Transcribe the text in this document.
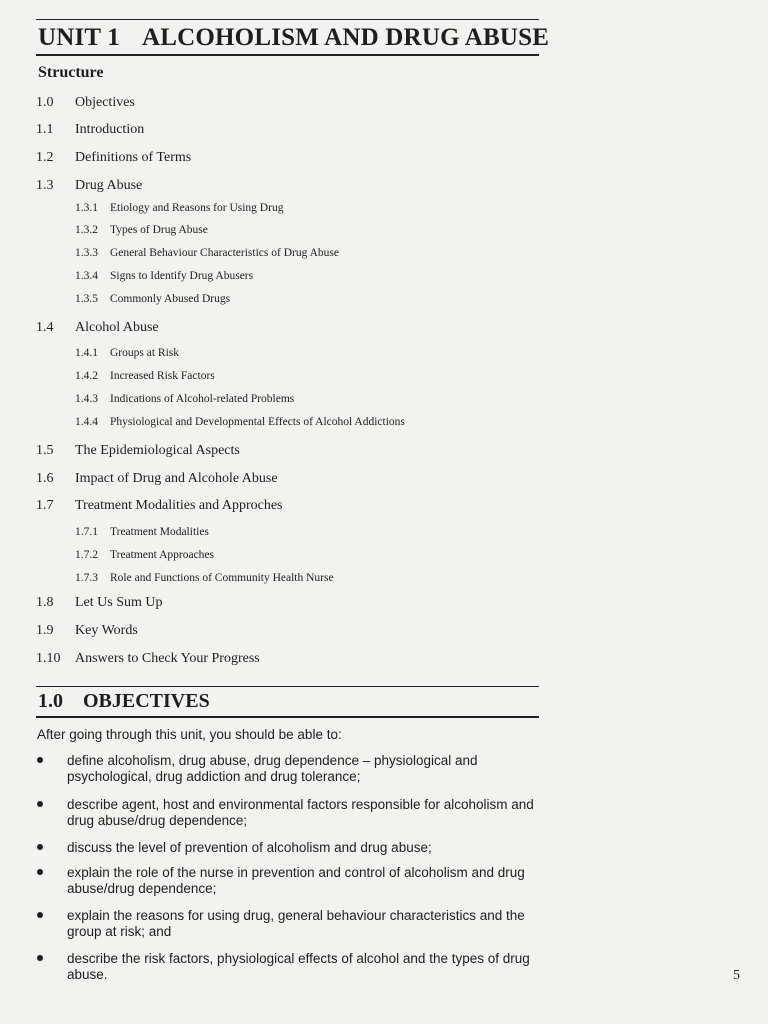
UNIT 1 ALCOHOLISM AND DRUG ABUSE
Structure
1.0 Objectives
1.1 Introduction
1.2 Definitions of Terms
1.3 Drug Abuse
1.3.1 Etiology and Reasons for Using Drug
1.3.2 Types of Drug Abuse
1.3.3 General Behaviour Characteristics of Drug Abuse
1.3.4 Signs to Identify Drug Abusers
1.3.5 Commonly Abused Drugs
1.4 Alcohol Abuse
1.4.1 Groups at Risk
1.4.2 Increased Risk Factors
1.4.3 Indications of Alcohol-related Problems
1.4.4 Physiological and Developmental Effects of Alcohol Addictions
1.5 The Epidemiological Aspects
1.6 Impact of Drug and Alcohole Abuse
1.7 Treatment Modalities and Approches
1.7.1 Treatment Modalities
1.7.2 Treatment Approaches
1.7.3 Role and Functions of Community Health Nurse
1.8 Let Us Sum Up
1.9 Key Words
1.10 Answers to Check Your Progress
1.0 OBJECTIVES

After going through this unit, you should be able to:

define alcoholism, drug abuse, drug dependence – physiological and psychological, drug addiction and drug tolerance;
describe agent, host and environmental factors responsible for alcoholism and drug abuse/drug dependence;
discuss the level of prevention of alcoholism and drug abuse;
explain the role of the nurse in prevention and control of alcoholism and drug abuse/drug dependence;
explain the reasons for using drug, general behaviour characteristics and the group at risk; and
describe the risk factors, physiological effects of alcohol and the types of drug abuse.	5
